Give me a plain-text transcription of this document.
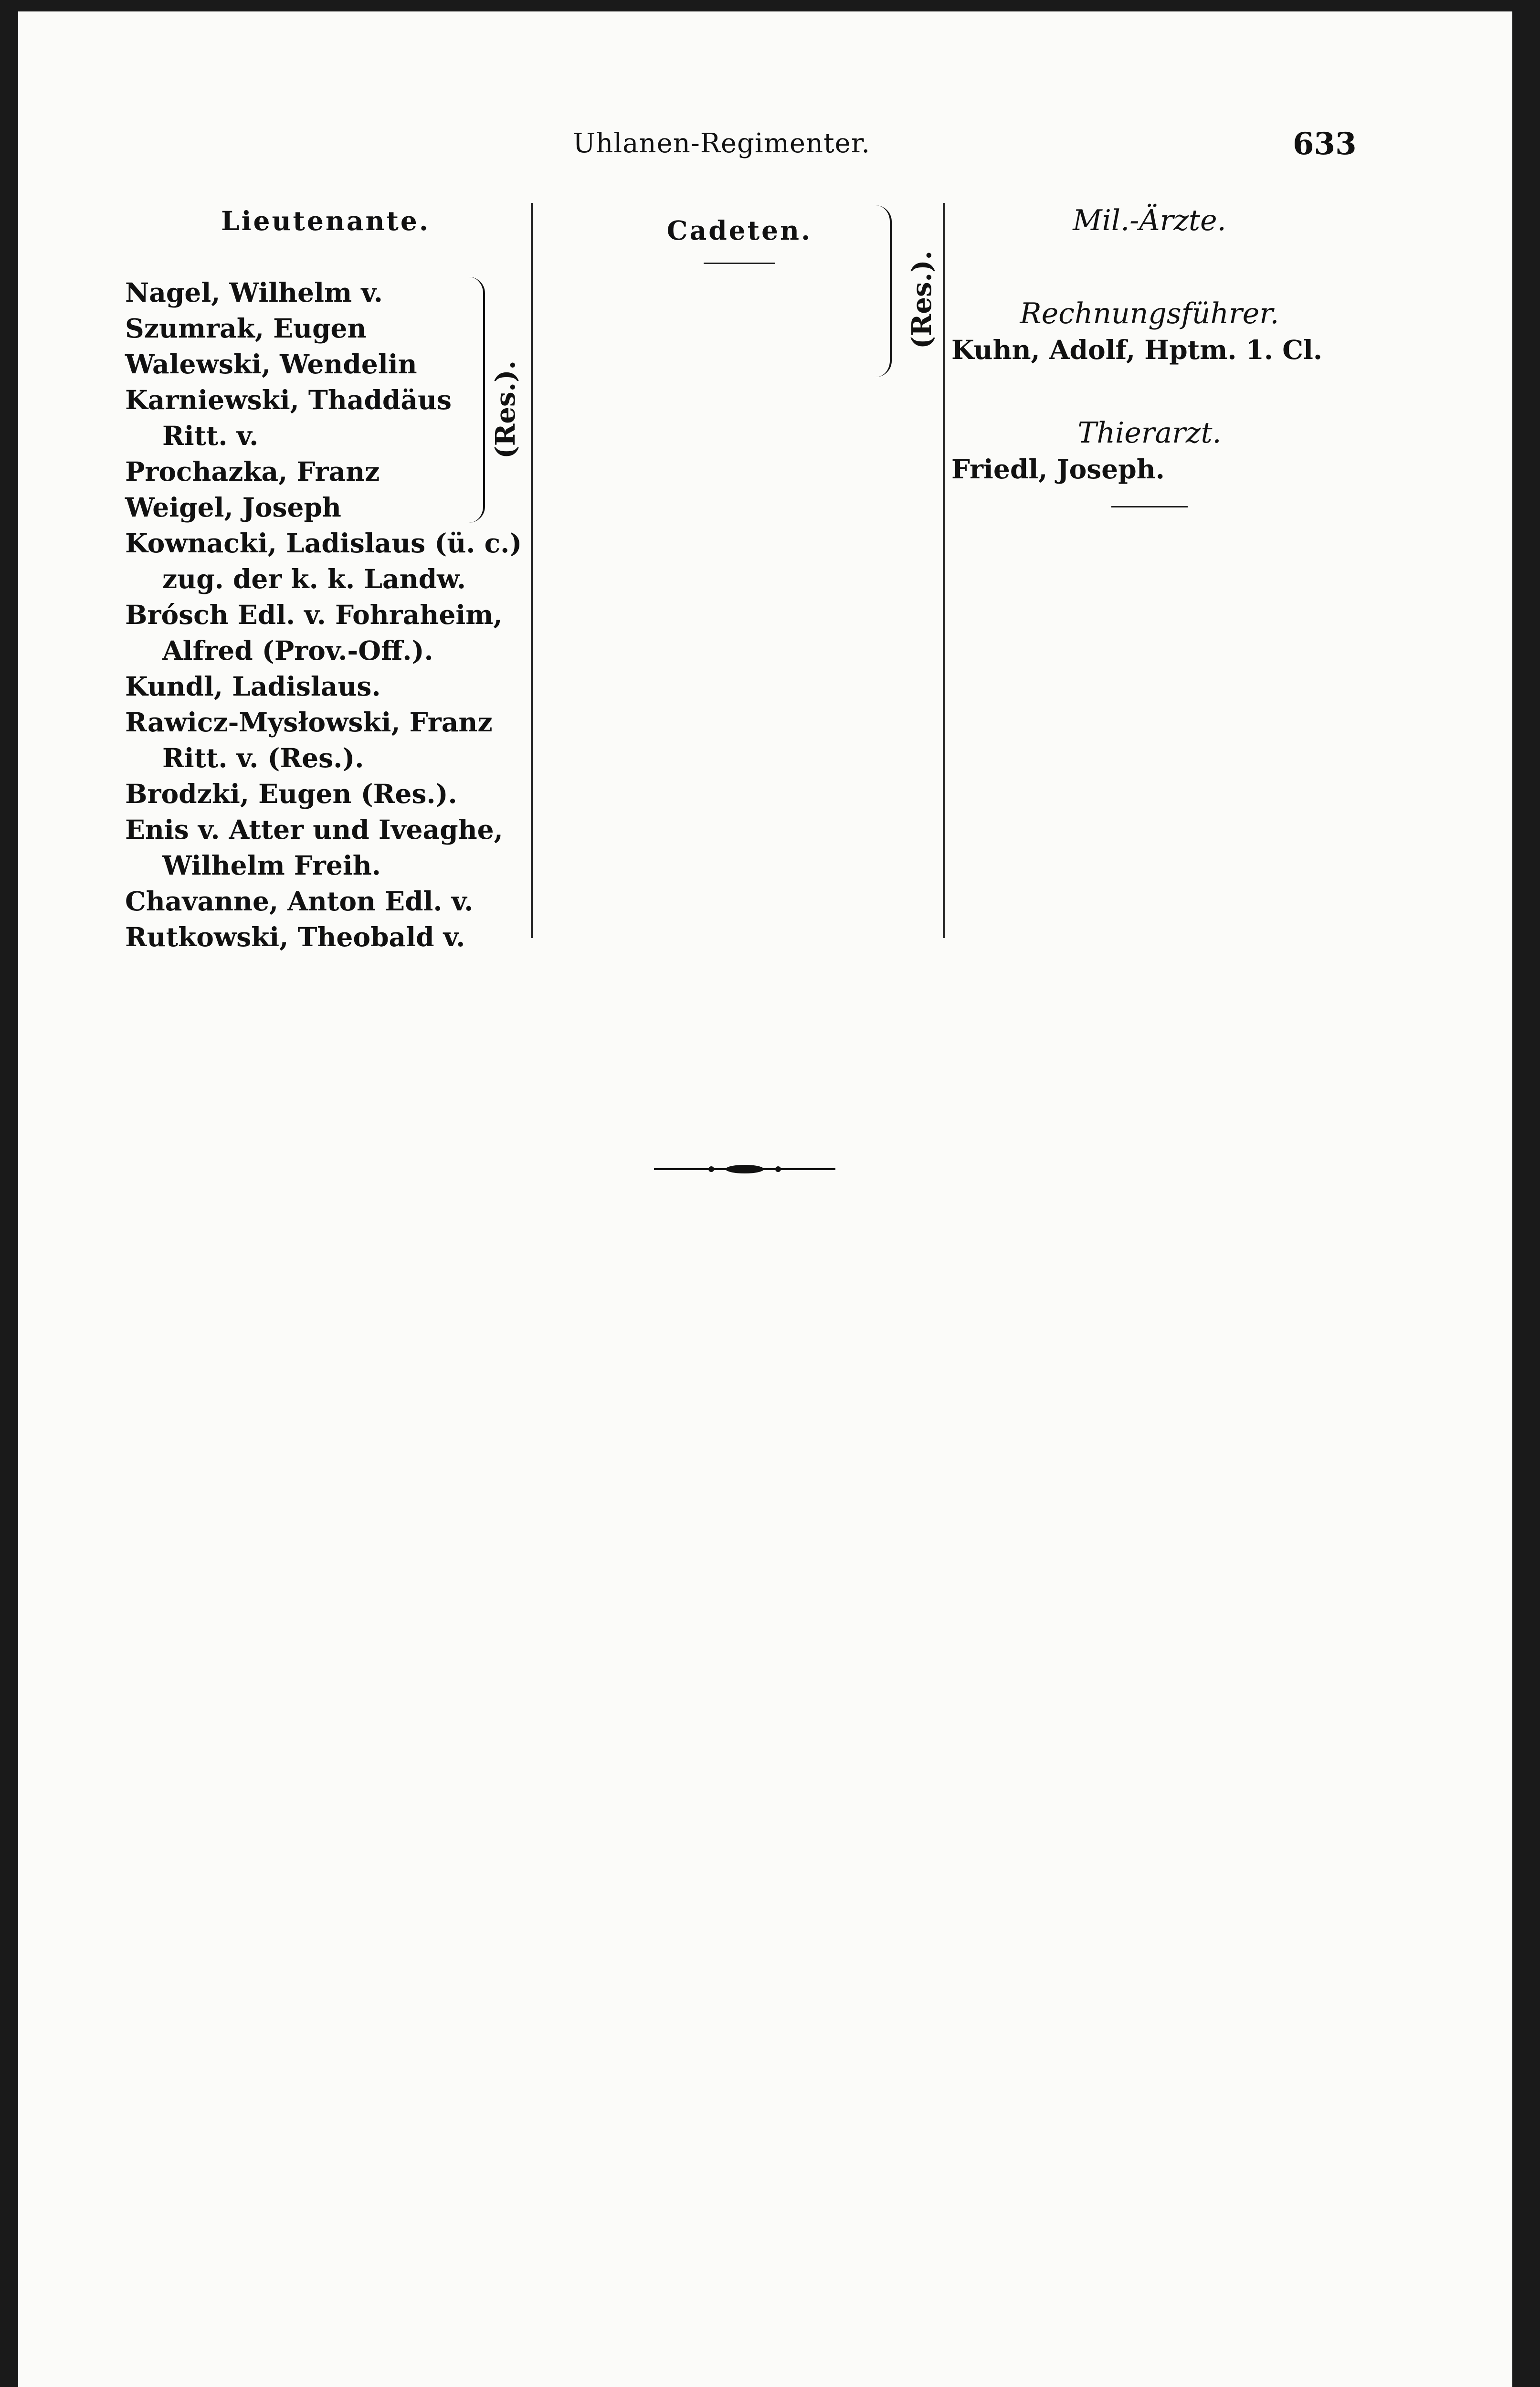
Uhlanen-Regimenter.	633
Lieutenante.
Nagel, Wilhelm v.
Szumrak, Eugen
Walewski, Wendelin
Karniewski, Thaddäus
Ritt. v.
Prochazka, Franz
Weigel, Joseph
(Res.).
Kownacki, Ladislaus (ü. c.)
zug. der k. k. Landw.
Brósch Edl. v. Fohraheim,
Alfred (Prov.-Off.).
Kundl, Ladislaus.
Rawicz-Mysłowski, Franz
Ritt. v. (Res.).
Brodzki, Eugen (Res.).
Enis v. Atter und Iveaghe,
Wilhelm Freih.
Chavanne, Anton Edl. v.
Rutkowski, Theobald v.
(Res.).
Cadeten.	Mil.-Ärzte.
Rechnungsführer.
Kuhn, Adolf, Hptm. 1. Cl.
Thierarzt.
Friedl, Joseph.
